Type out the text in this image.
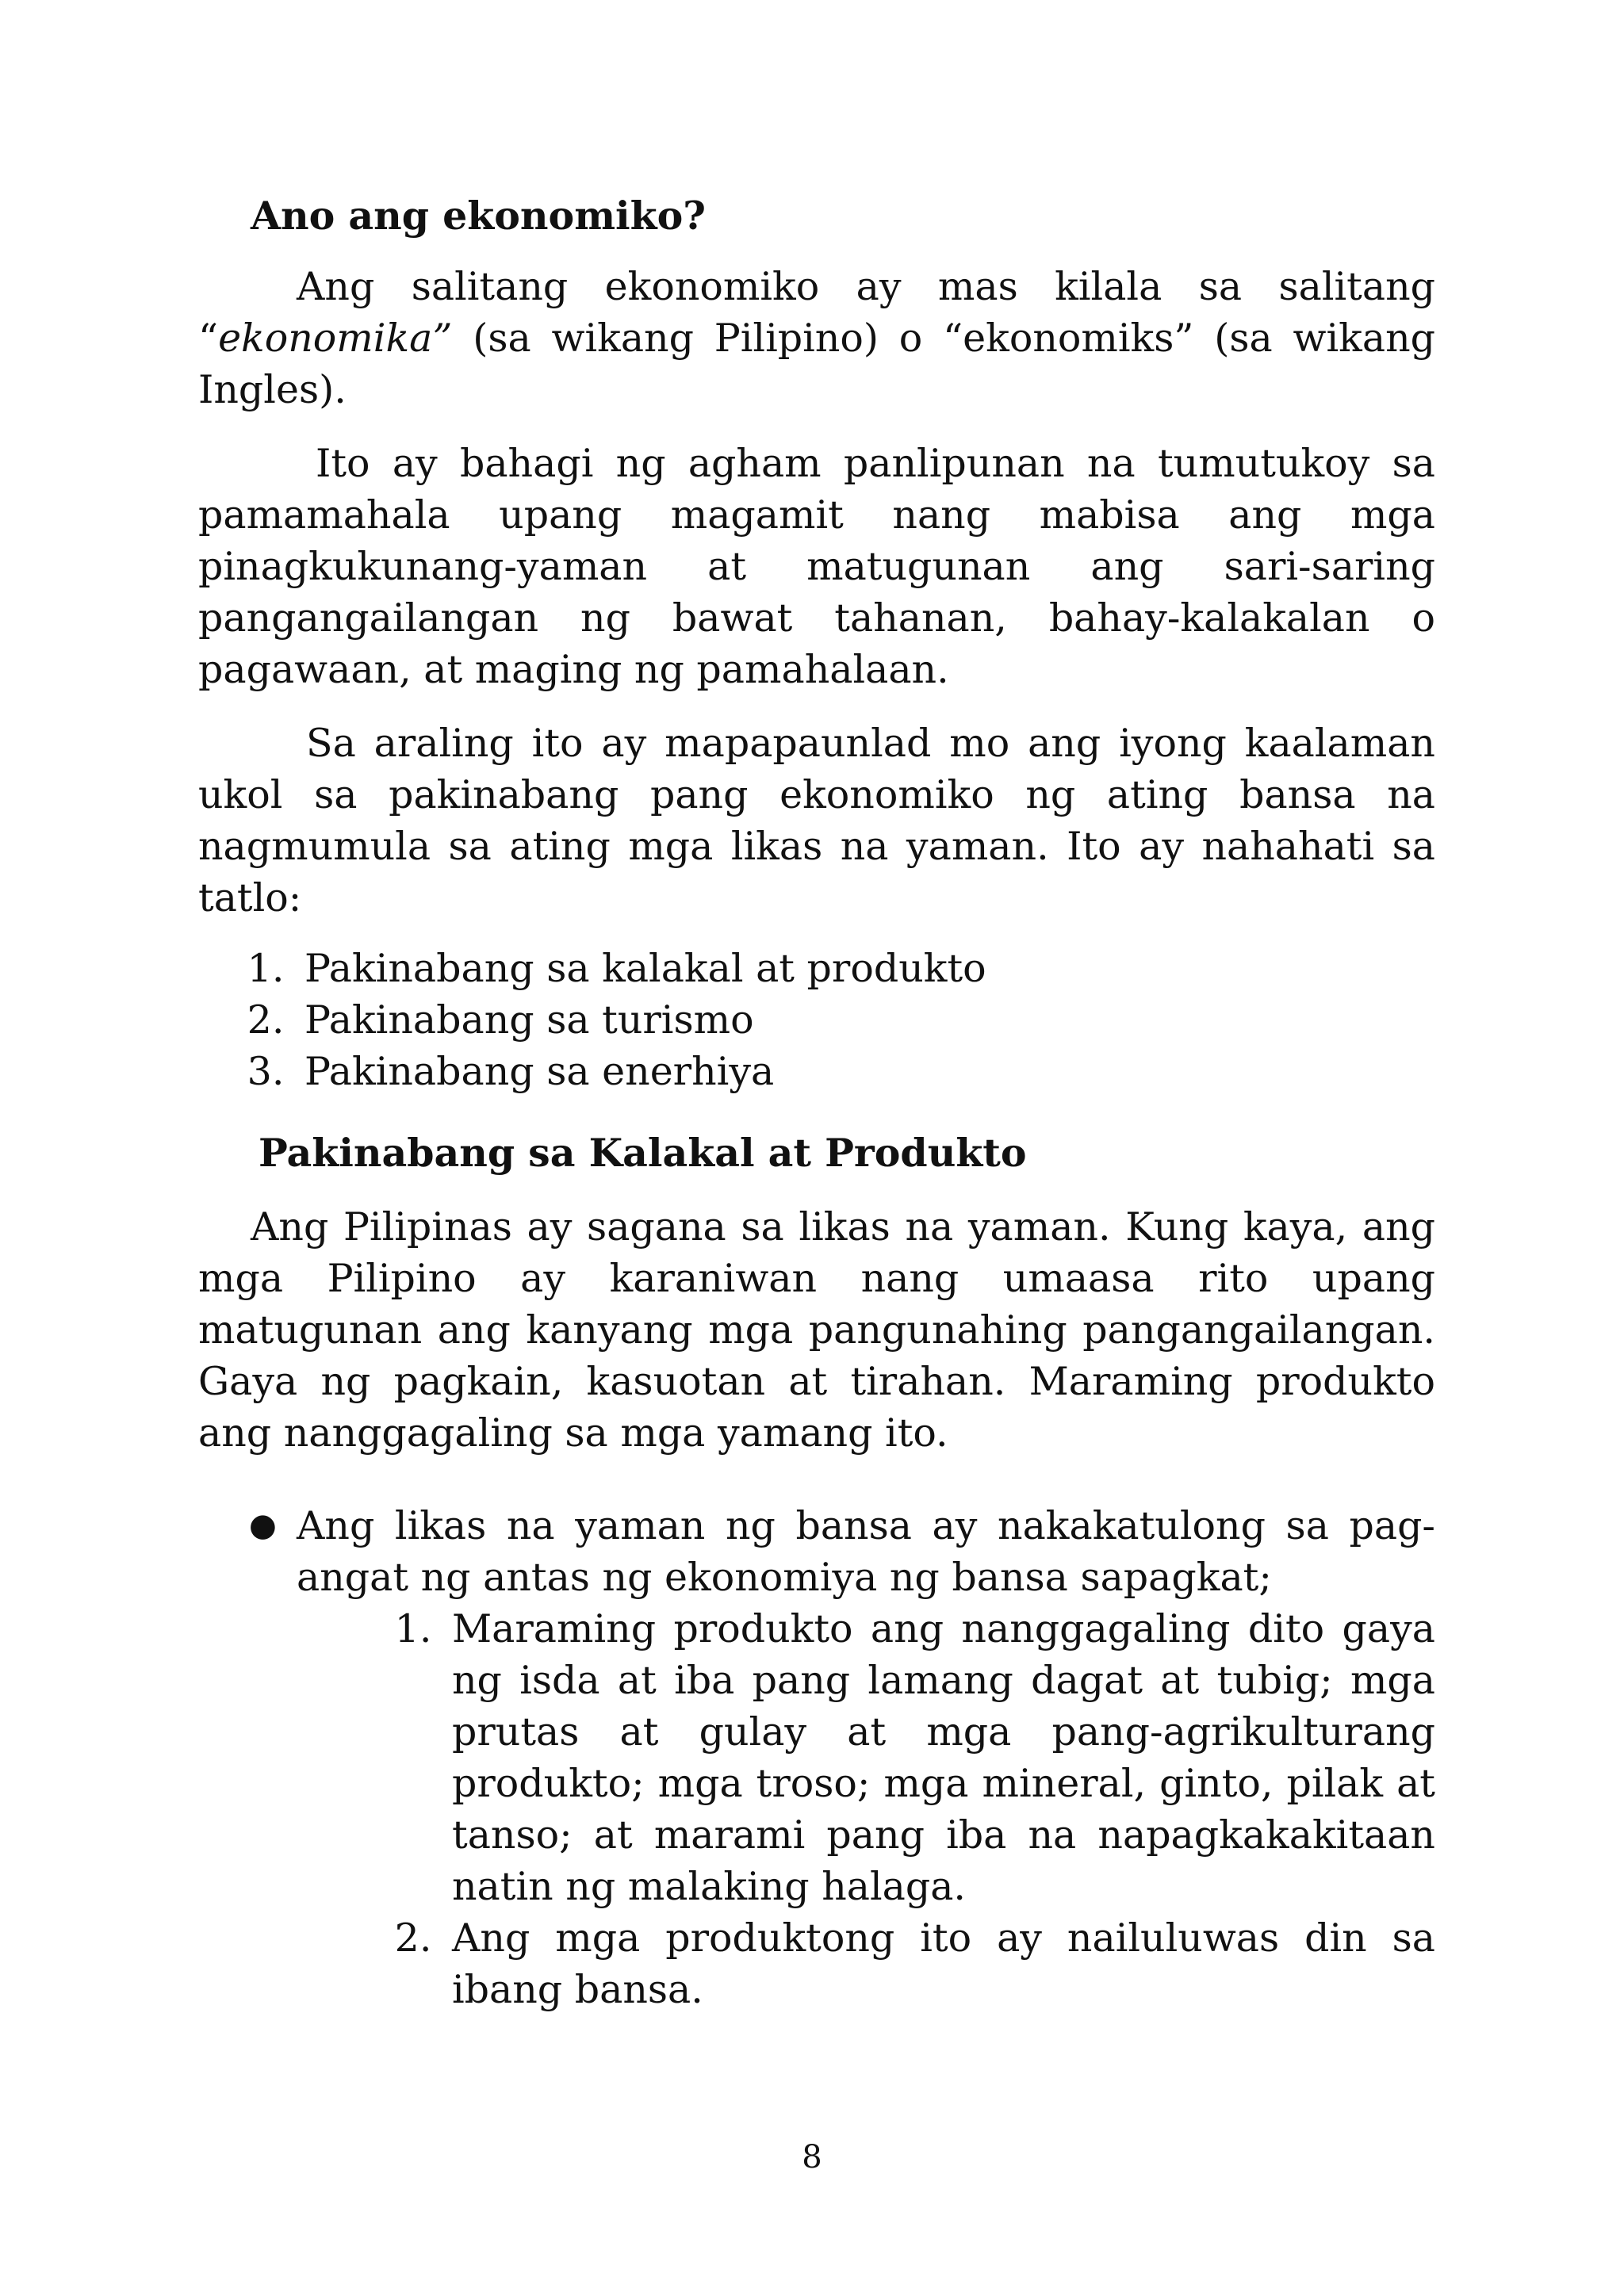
Ano ang ekonomiko?

Ang salitang ekonomiko ay mas kilala sa salitang “ekonomika” (sa wikang Pilipino) o “ekonomiks” (sa wikang Ingles).

Ito ay bahagi ng agham panlipunan na tumutukoy sa pamamahala upang magamit nang mabisa ang mga pinagkukunang-yaman at matugunan ang sari-saring pangangailangan ng bawat tahanan, bahay-kalakalan o pagawaan, at maging ng pamahalaan.

Sa araling ito ay mapapaunlad mo ang iyong kaalaman ukol sa pakinabang pang ekonomiko ng ating bansa na nagmumula sa ating mga likas na yaman. Ito ay nahahati sa tatlo:

1. Pakinabang sa kalakal at produkto
2. Pakinabang sa turismo
3. Pakinabang sa enerhiya
Pakinabang sa Kalakal at Produkto

Ang Pilipinas ay sagana sa likas na yaman. Kung kaya, ang mga Pilipino ay karaniwan nang umaasa rito upang matugunan ang kanyang mga pangunahing pangangailangan. Gaya ng pagkain, kasuotan at tirahan. Maraming produkto ang nanggagaling sa mga yamang ito.

● Ang likas na yaman ng bansa ay nakakatulong sa pag-angat ng antas ng ekonomiya ng bansa sapagkat;
1. Maraming produkto ang nanggagaling dito gaya ng isda at iba pang lamang dagat at tubig; mga prutas at gulay at mga pang-agrikulturang produkto; mga troso; mga mineral, ginto, pilak at tanso; at marami pang iba na napagkakakitaan natin ng malaking halaga.
2. Ang mga produktong ito ay nailuluwas din sa ibang bansa.
8
